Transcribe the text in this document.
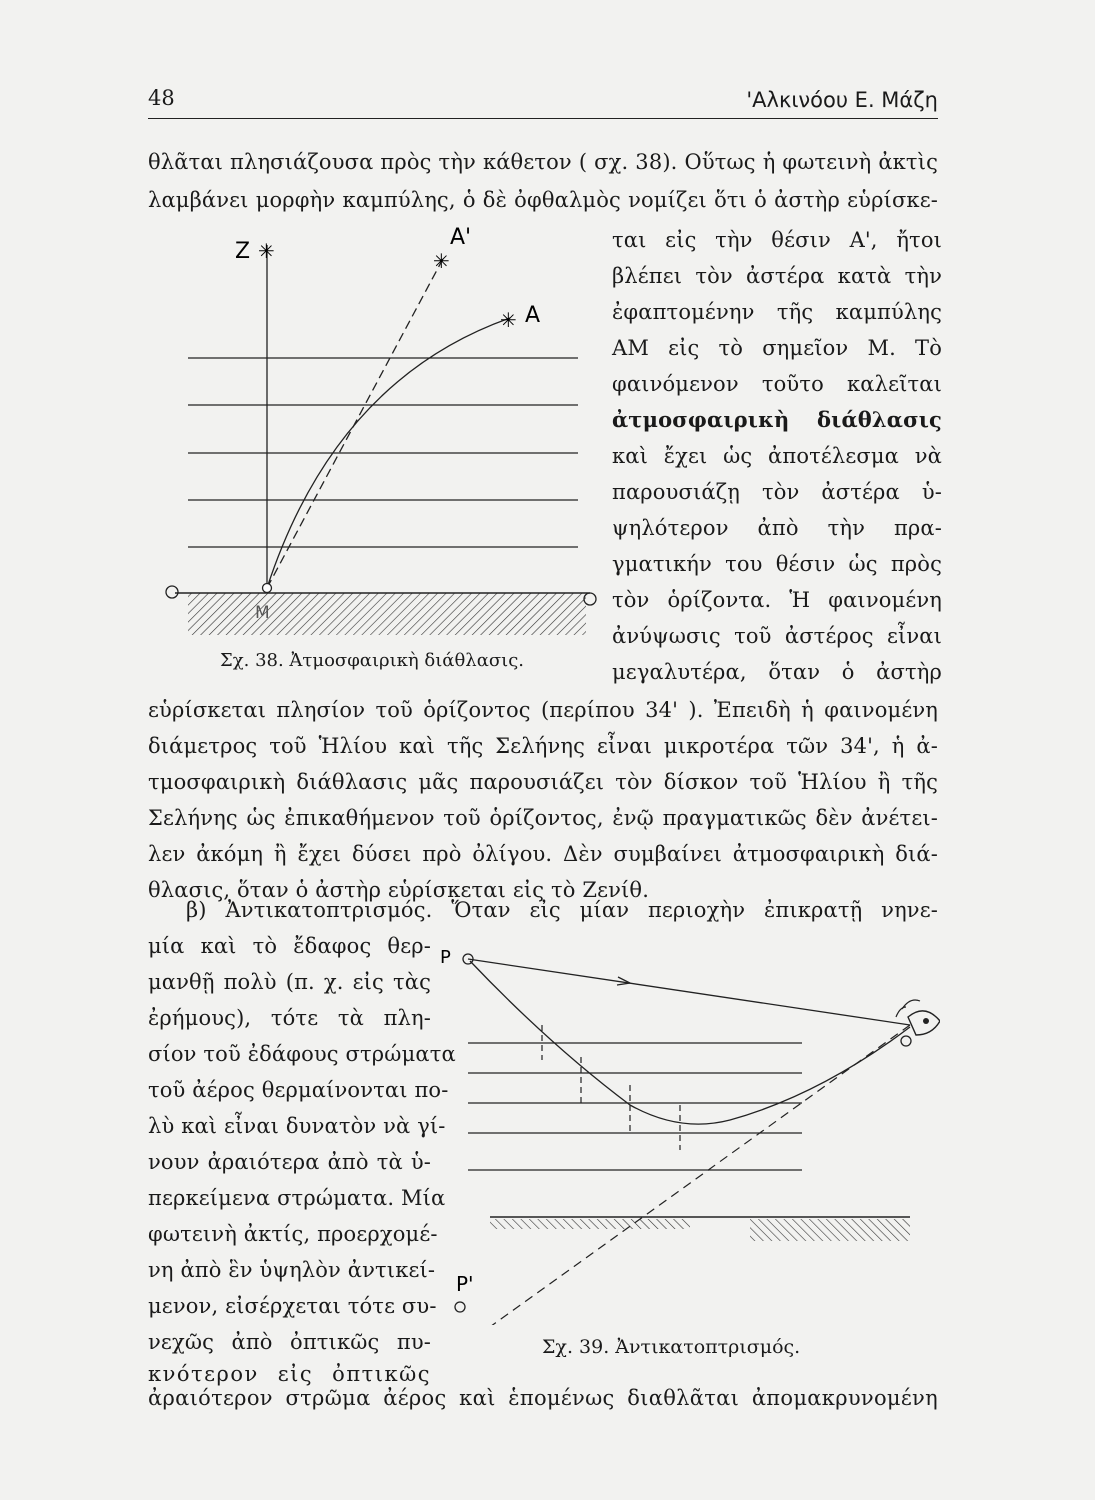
48	'Αλκινόου Ε. Μάζη
θλᾶται πλησιάζουσα πρὸς τὴν κάθετον ( σχ. 38). Οὕτως ἡ φωτεινὴ ἀκτὶς
λαμβάνει μορφὴν καμπύλης, ὁ δὲ ὀφθαλμὸς νομίζει ὅτι ὁ ἀστὴρ εὑρίσκε-
ται εἰς τὴν θέσιν Α', ἤτοι
βλέπει τὸν ἀστέρα κατὰ τὴν
ἐφαπτομένην τῆς καμπύλης
ΑΜ εἰς τὸ σημεῖον Μ. Τὸ
φαινόμενον τοῦτο καλεῖται
ἀτμοσφαιρικὴ διάθλασις
καὶ ἔχει ὡς ἀποτέλεσμα νὰ
παρουσιάζῃ τὸν ἀστέρα ὑ-
ψηλότερον ἀπὸ τὴν πρα-
γματικήν του θέσιν ὡς πρὸς
τὸν ὁρίζοντα. Ἡ φαινομένη
ἀνύψωσις τοῦ ἀστέρος εἶναι
μεγαλυτέρα, ὅταν ὁ ἀστὴρ
✳
Z	✳
A'
✳ A
M
O	O
Σχ. 38. Ἀτμοσφαιρικὴ διάθλασις.
εὑρίσκεται πλησίον τοῦ ὁρίζοντος (περίπου 34' ). Ἐπειδὴ ἡ φαινομένη
διάμετρος τοῦ Ἡλίου καὶ τῆς Σελήνης εἶναι μικροτέρα τῶν 34', ἡ ἀ-
τμοσφαιρικὴ διάθλασις μᾶς παρουσιάζει τὸν δίσκον τοῦ Ἡλίου ἢ τῆς
Σελήνης ὡς ἐπικαθήμενον τοῦ ὁρίζοντος, ἐνῷ πραγματικῶς δὲν ἀνέτει-
λεν ἀκόμη ἢ ἔχει δύσει πρὸ ὀλίγου. Δὲν συμβαίνει ἀτμοσφαιρικὴ διά-
θλασις, ὅταν ὁ ἀστὴρ εὑρίσκεται εἰς τὸ Ζενίθ.
β) Ἀντικατοπτρισμός. Ὅταν εἰς μίαν περιοχὴν ἐπικρατῇ νηνε-
μία καὶ τὸ ἔδαφος θερ-
μανθῇ πολὺ (π. χ. εἰς τὰς
ἐρήμους), τότε τὰ πλη-
σίον τοῦ ἐδάφους στρώματα
τοῦ ἀέρος θερμαίνονται πο-
λὺ καὶ εἶναι δυνατὸν νὰ γί-
νουν ἀραιότερα ἀπὸ τὰ ὑ-
περκείμενα στρώματα. Μία
φωτεινὴ ἀκτίς, προερχομέ-
νη ἀπὸ ἓν ὑψηλὸν ἀντικεί-
μενον, εἰσέρχεται τότε συ-
νεχῶς ἀπὸ ὀπτικῶς πυ-
κνότερον εἰς ὀπτικῶς
P
P'
Σχ. 39. Ἀντικατοπτρισμός.
ἀραιότερον στρῶμα ἀέρος καὶ ἑπομένως διαθλᾶται ἀπομακρυνομένη
